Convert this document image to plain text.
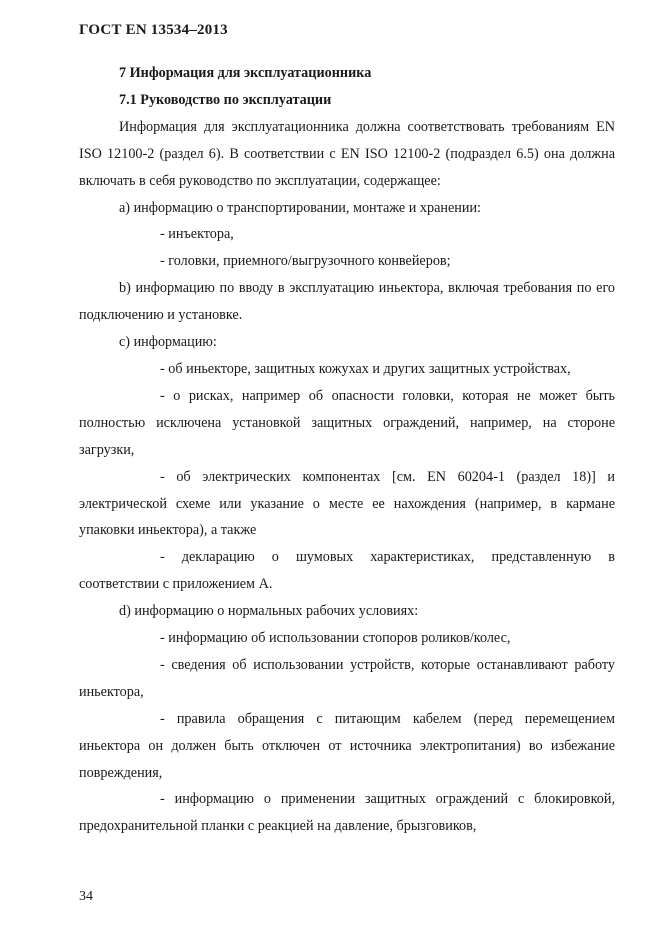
ГОСТ EN 13534–2013

7 Информация для эксплуатационника

7.1 Руководство по эксплуатации

Информация для эксплуатационника должна соответствовать требованиям EN ISO 12100-2 (раздел 6). В соответствии с EN ISO 12100-2 (подраздел 6.5) она должна включать в себя руководство по эксплуатации, содержащее:

a) информацию о транспортировании, монтаже и хранении:

- инъектора,

- головки, приемного/выгрузочного конвейеров;

b) информацию по вводу в эксплуатацию иньектора, включая требования по его подключению и установке.

c) информацию:

- об иньекторе, защитных кожухах и других защитных устройствах,

- о рисках, например об опасности головки, которая не может быть полностью исключена установкой защитных ограждений, например, на стороне загрузки,

- об электрических компонентах [см. EN 60204-1 (раздел 18)] и электрической схеме или указание о месте ее нахождения (например, в кармане упаковки иньектора), а также

- декларацию о шумовых характеристиках, представленную в соответствии с приложением А.

d) информацию о нормальных рабочих условиях:

- информацию об использовании стопоров роликов/колес,

- сведения об использовании устройств, которые останавливают работу иньектора,

- правила обращения с питающим кабелем (перед перемещением иньектора он должен быть отключен от источника электропитания) во избежание повреждения,

- информацию о применении защитных ограждений с блокировкой, предохранительной планки с реакцией на давление, брызговиков,

34
